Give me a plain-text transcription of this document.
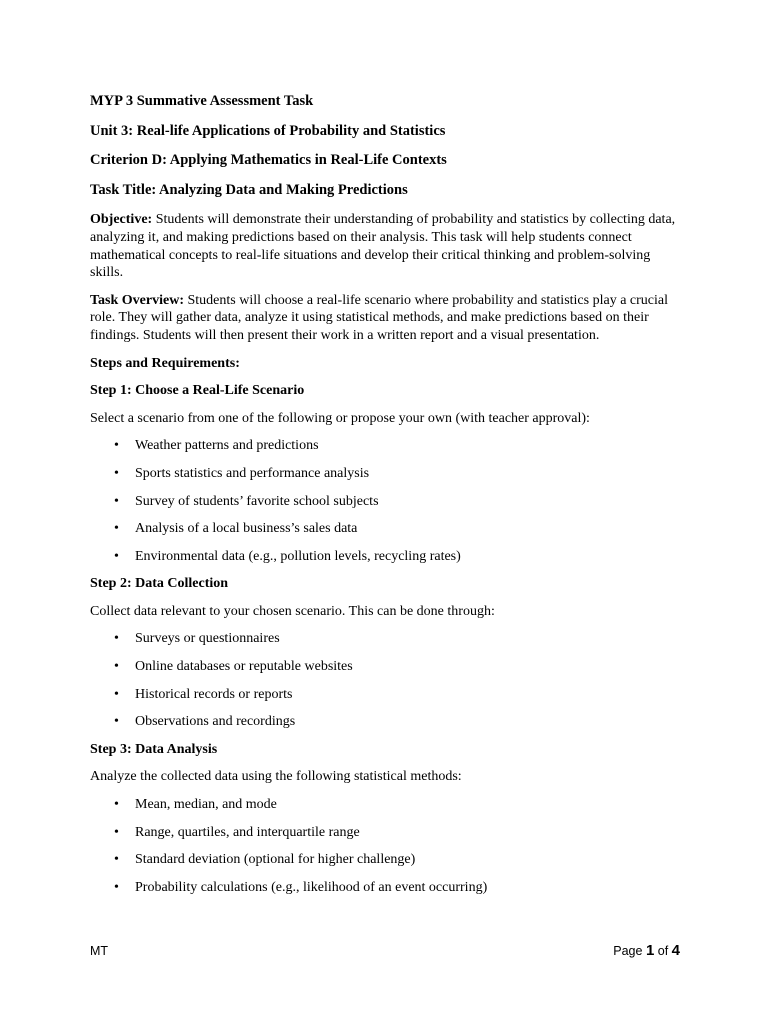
MYP 3 Summative Assessment Task
Unit 3: Real-life Applications of Probability and Statistics
Criterion D: Applying Mathematics in Real-Life Contexts
Task Title: Analyzing Data and Making Predictions

Objective: Students will demonstrate their understanding of probability and statistics by collecting data, analyzing it, and making predictions based on their analysis. This task will help students connect mathematical concepts to real-life situations and develop their critical thinking and problem-solving skills.

Task Overview: Students will choose a real-life scenario where probability and statistics play a crucial role. They will gather data, analyze it using statistical methods, and make predictions based on their findings. Students will then present their work in a written report and a visual presentation.

Steps and Requirements:
Step 1: Choose a Real-Life Scenario

Select a scenario from one of the following or propose your own (with teacher approval):

• Weather patterns and predictions
• Sports statistics and performance analysis
• Survey of students’ favorite school subjects
• Analysis of a local business’s sales data
• Environmental data (e.g., pollution levels, recycling rates)
Step 2: Data Collection

Collect data relevant to your chosen scenario. This can be done through:

• Surveys or questionnaires
• Online databases or reputable websites
• Historical records or reports
• Observations and recordings
Step 3: Data Analysis

Analyze the collected data using the following statistical methods:

• Mean, median, and mode
• Range, quartiles, and interquartile range
• Standard deviation (optional for higher challenge)
• Probability calculations (e.g., likelihood of an event occurring)
MT	Page 1 of 4
